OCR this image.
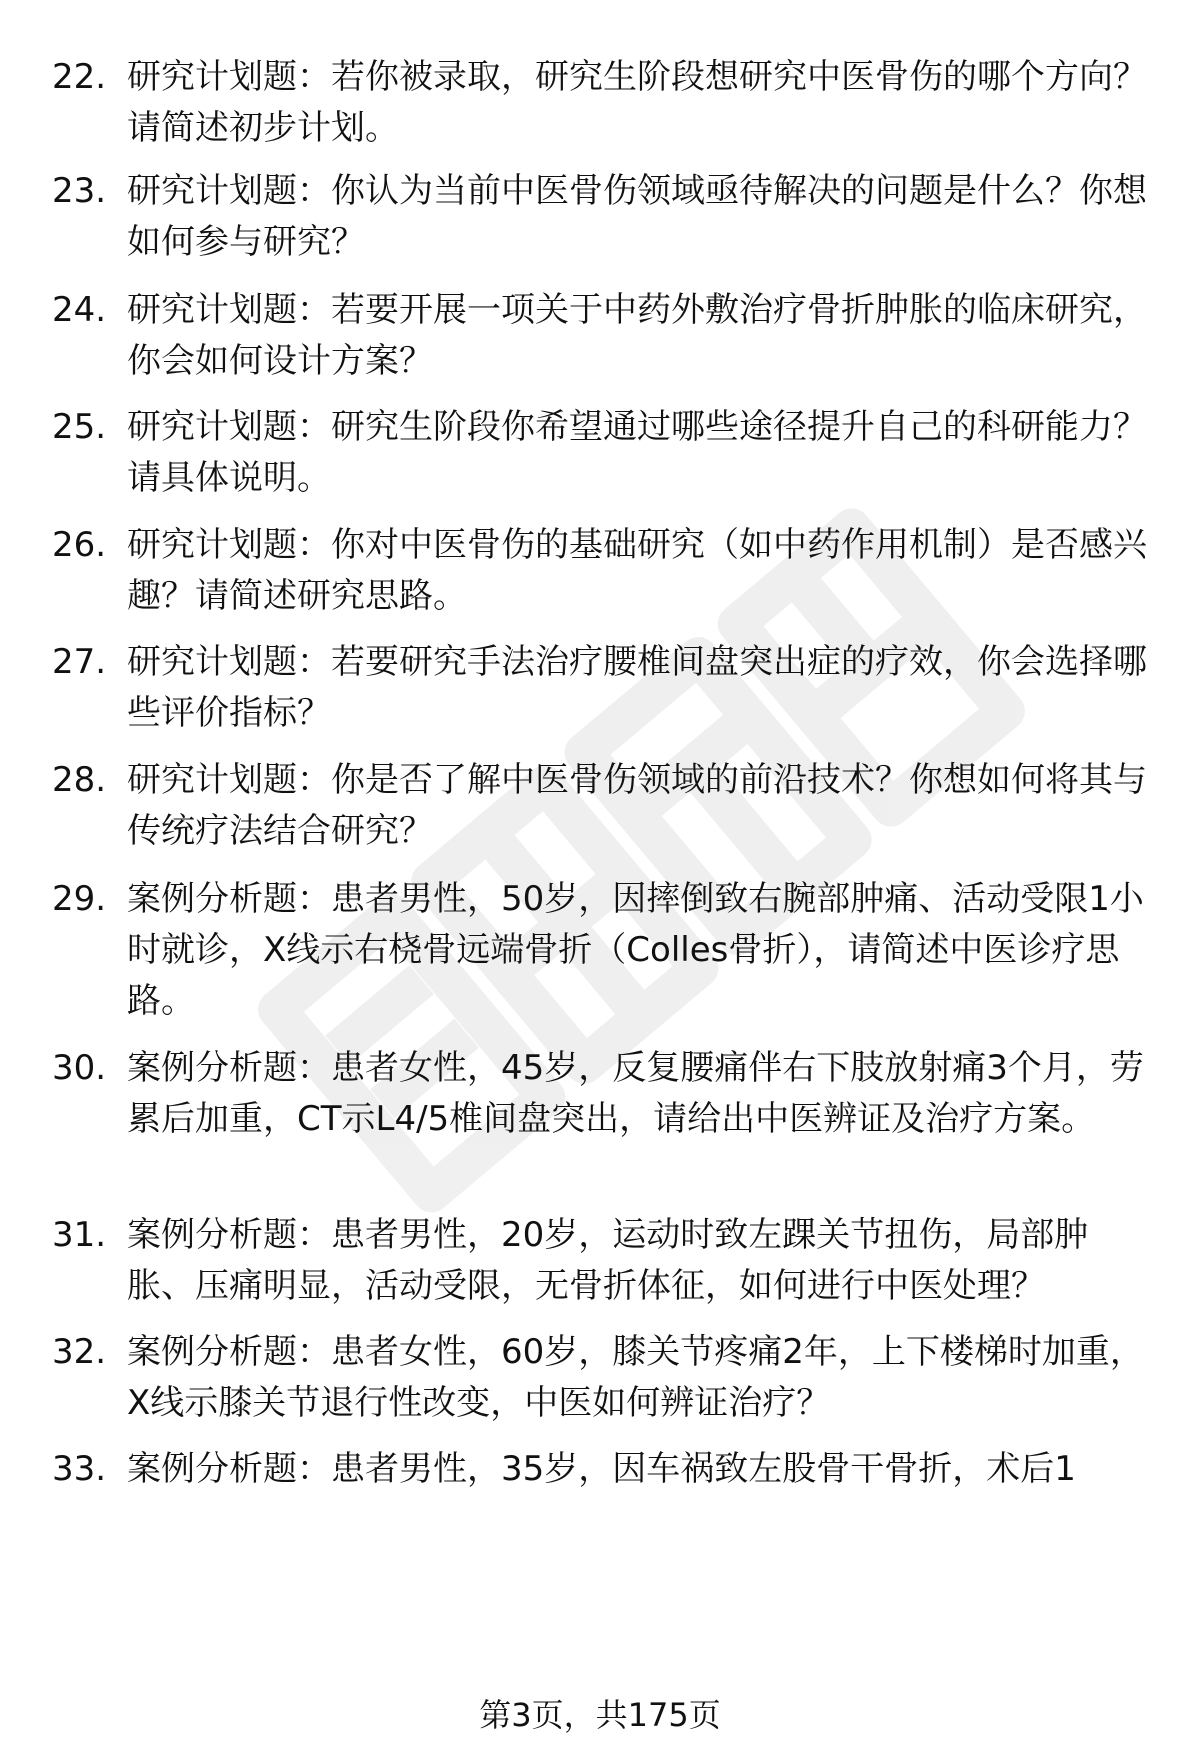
22. 研究计划题：若你被录取，研究生阶段想研究中医骨伤的哪个方向？请简述初步计划。
23. 研究计划题：你认为当前中医骨伤领域亟待解决的问题是什么？你想如何参与研究？
24. 研究计划题：若要开展一项关于中药外敷治疗骨折肿胀的临床研究，你会如何设计方案？
25. 研究计划题：研究生阶段你希望通过哪些途径提升自己的科研能力？请具体说明。
26. 研究计划题：你对中医骨伤的基础研究（如中药作用机制）是否感兴趣？请简述研究思路。
27. 研究计划题：若要研究手法治疗腰椎间盘突出症的疗效，你会选择哪些评价指标？
28. 研究计划题：你是否了解中医骨伤领域的前沿技术？你想如何将其与传统疗法结合研究？
29. 案例分析题：患者男性，50岁，因摔倒致右腕部肿痛、活动受限1小时就诊，X线示右桡骨远端骨折（Colles骨折），请简述中医诊疗思路。
30. 案例分析题：患者女性，45岁，反复腰痛伴右下肢放射痛3个月，劳累后加重，CT示L4/5椎间盘突出，请给出中医辨证及治疗方案。
31. 案例分析题：患者男性，20岁，运动时致左踝关节扭伤，局部肿胀、压痛明显，活动受限，无骨折体征，如何进行中医处理？
32. 案例分析题：患者女性，60岁，膝关节疼痛2年，上下楼梯时加重，X线示膝关节退行性改变，中医如何辨证治疗？
33. 案例分析题：患者男性，35岁，因车祸致左股骨干骨折，术后1
第3页，共175页
